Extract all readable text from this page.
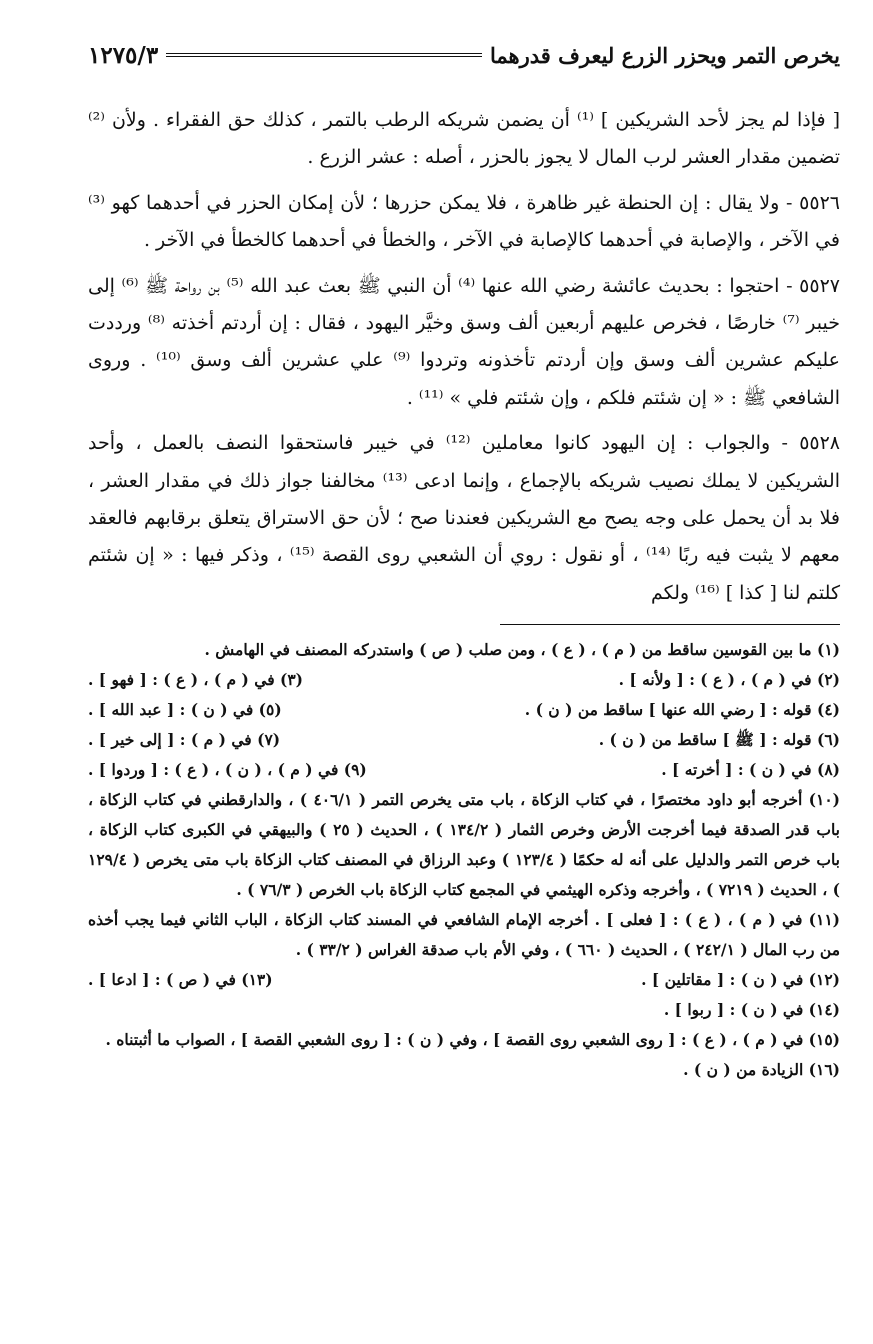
يخرص التمر ويحزر الزرع ليعرف قدرهما
١٢٧٥/٣

[ فإذا لم يجز لأحد الشريكين ] ⁽¹⁾ أن يضمن شريكه الرطب بالتمر ، كذلك حق الفقراء . ولأن ⁽²⁾ تضمين مقدار العشر لرب المال لا يجوز بالحزر ، أصله : عشر الزرع .

٥٥٢٦ - ولا يقال : إن الحنطة غير ظاهرة ، فلا يمكن حزرها ؛ لأن إمكان الحزر في أحدهما كهو ⁽³⁾ في الآخر ، والإصابة في أحدهما كالإصابة في الآخر ، والخطأ في أحدهما كالخطأ في الآخر .

٥٥٢٧ - احتجوا : بحديث عائشة رضي الله عنها ⁽⁴⁾ أن النبي ﷺ بعث عبد الله ⁽⁵⁾ بن رواحة ﷺ ⁽⁶⁾ إلى خيبر ⁽⁷⁾ خارصًا ، فخرص عليهم أربعين ألف وسق وخيَّر اليهود ، فقال : إن أردتم أخذته ⁽⁸⁾ ورددت عليكم عشرين ألف وسق وإن أردتم تأخذونه وتردوا ⁽⁹⁾ علي عشرين ألف وسق ⁽¹⁰⁾ . وروى الشافعي ﷺ : « إن شئتم فلكم ، وإن شئتم فلي » ⁽¹¹⁾ .

٥٥٢٨ - والجواب : إن اليهود كانوا معاملين ⁽¹²⁾ في خيبر فاستحقوا النصف بالعمل ، وأحد الشريكين لا يملك نصيب شريكه بالإجماع ، وإنما ادعى ⁽¹³⁾ مخالفنا جواز ذلك في مقدار العشر ، فلا بد أن يحمل على وجه يصح مع الشريكين فعندنا صح ؛ لأن حق الاستراق يتعلق برقابهم فالعقد معهم لا يثبت فيه ربًا ⁽¹⁴⁾ ، أو نقول : روي أن الشعبي روى القصة ⁽¹⁵⁾ ، وذكر فيها : « إن شئتم كلتم لنا [ كذا ] ⁽¹⁶⁾ ولكم

(١) ما بين القوسين ساقط من ( م ) ، ( ع ) ، ومن صلب ( ص ) واستدركه المصنف في الهامش .

(٢) في ( م ) ، ( ع ) : [ ولأنه ] .
(٣) في ( م ) ، ( ع ) : [ فهو ] .
(٤) قوله : [ رضي الله عنها ] ساقط من ( ن ) .
(٥) في ( ن ) : [ عبد الله ] .
(٦) قوله : [ ﷺ ] ساقط من ( ن ) .
(٧) في ( م ) : [ إلى خير ] .
(٨) في ( ن ) : [ أخرته ] .
(٩) في ( م ) ، ( ن ) ، ( ع ) : [ وردوا ] .

(١٠) أخرجه أبو داود مختصرًا ، في كتاب الزكاة ، باب متى يخرص التمر ( ٤٠٦/١ ) ، والدارقطني في كتاب الزكاة ، باب قدر الصدقة فيما أخرجت الأرض وخرص الثمار ( ١٣٤/٢ ) ، الحديث ( ٢٥ ) والبيهقي في الكبرى كتاب الزكاة ، باب خرص التمر والدليل على أنه له حكمًا ( ١٢٣/٤ ) وعبد الرزاق في المصنف كتاب الزكاة باب متى يخرص ( ١٢٩/٤ ) ، الحديث ( ٧٢١٩ ) ، وأخرجه وذكره الهيثمي في المجمع كتاب الزكاة باب الخرص ( ٧٦/٣ ) .

(١١) في ( م ) ، ( ع ) : [ فعلى ] . أخرجه الإمام الشافعي في المسند كتاب الزكاة ، الباب الثاني فيما يجب أخذه من رب المال ( ٢٤٢/١ ) ، الحديث ( ٦٦٠ ) ، وفي الأم باب صدقة الغراس ( ٣٣/٢ ) .

(١٢) في ( ن ) : [ مقاتلين ] .
(١٣) في ( ص ) : [ ادعا ] .

(١٤) في ( ن ) : [ ربوا ] .

(١٥) في ( م ) ، ( ع ) : [ روى الشعبي روى القصة ] ، وفي ( ن ) : [ روى الشعبي القصة ] ، الصواب ما أثبتناه .

(١٦) الزيادة من ( ن ) .
